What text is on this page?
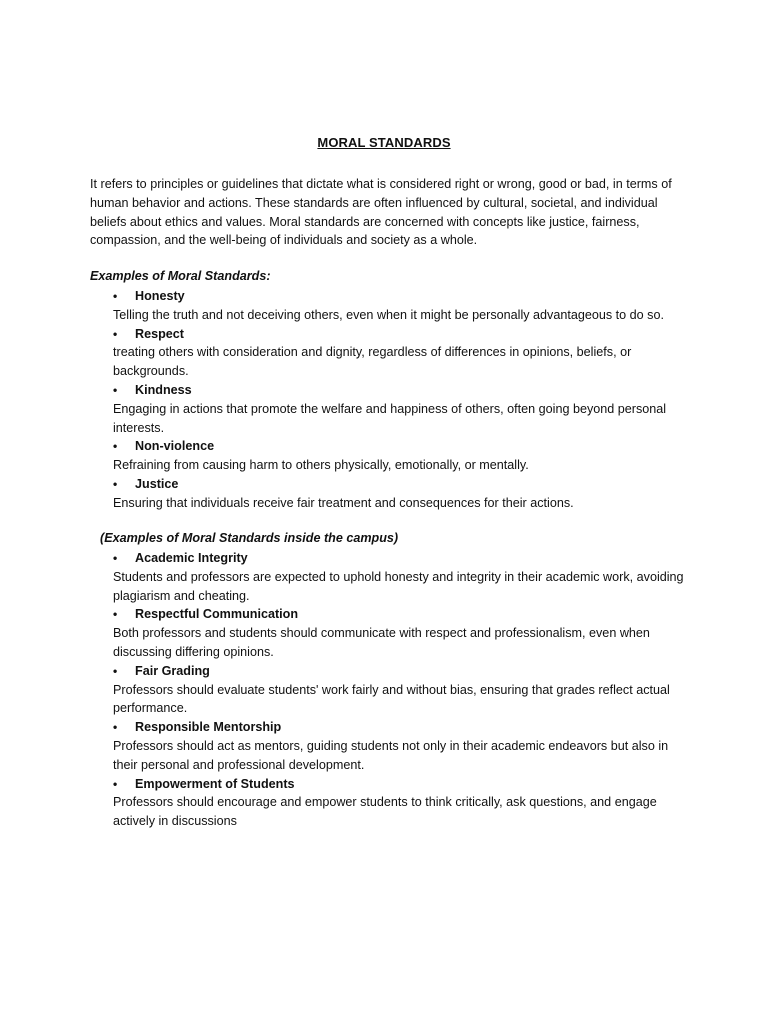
MORAL STANDARDS

It refers to principles or guidelines that dictate what is considered right or wrong, good or bad, in terms of human behavior and actions. These standards are often influenced by cultural, societal, and individual beliefs about ethics and values. Moral standards are concerned with concepts like justice, fairness, compassion, and the well-being of individuals and society as a whole.

Examples of Moral Standards:

• Honesty
Telling the truth and not deceiving others, even when it might be personally advantageous to do so.
• Respect
treating others with consideration and dignity, regardless of differences in opinions, beliefs, or backgrounds.
• Kindness
Engaging in actions that promote the welfare and happiness of others, often going beyond personal interests.
• Non-violence
Refraining from causing harm to others physically, emotionally, or mentally.
• Justice
Ensuring that individuals receive fair treatment and consequences for their actions.

(Examples of Moral Standards inside the campus)

• Academic Integrity
Students and professors are expected to uphold honesty and integrity in their academic work, avoiding plagiarism and cheating.
• Respectful Communication
Both professors and students should communicate with respect and professionalism, even when discussing differing opinions.
• Fair Grading
Professors should evaluate students' work fairly and without bias, ensuring that grades reflect actual performance.
• Responsible Mentorship
Professors should act as mentors, guiding students not only in their academic endeavors but also in their personal and professional development.
• Empowerment of Students
Professors should encourage and empower students to think critically, ask questions, and engage actively in discussions
